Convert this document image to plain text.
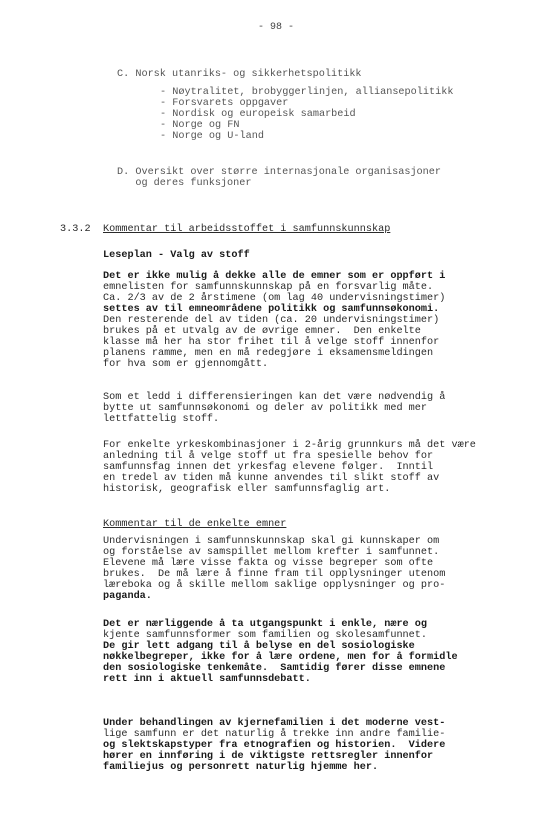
- 98 -
C. Norsk utanriks- og sikkerhetspolitikk
- Nøytralitet, brobyggerlinjen, alliansepolitikk
- Forsvarets oppgaver
- Nordisk og europeisk samarbeid
- Norge og FN
- Norge og U-land
D. Oversikt over større internasjonale organisasjoner
og deres funksjoner
3.3.2 Kommentar til arbeidsstoffet i samfunnskunnskap
Leseplan - Valg av stoff
Det er ikke mulig å dekke alle de emner som er oppført i
emnelisten for samfunnskunnskap på en forsvarlig måte.
Ca. 2/3 av de 2 årstimene (om lag 40 undervisningstimer)
settes av til emneområdene politikk og samfunnsøkonomi.
Den resterende del av tiden (ca. 20 undervisningstimer)
brukes på et utvalg av de øvrige emner.  Den enkelte
klasse må her ha stor frihet til å velge stoff innenfor
planens ramme, men en må redegjøre i eksamensmeldingen
for hva som er gjennomgått.
Som et ledd i differensieringen kan det være nødvendig å
bytte ut samfunnsøkonomi og deler av politikk med mer
lettfattelig stoff.
For enkelte yrkeskombinasjoner i 2-årig grunnkurs må det være
anledning til å velge stoff ut fra spesielle behov for
samfunnsfag innen det yrkesfag elevene følger.  Inntil
en tredel av tiden må kunne anvendes til slikt stoff av
historisk, geografisk eller samfunnsfaglig art.
Kommentar til de enkelte emner
Undervisningen i samfunnskunnskap skal gi kunnskaper om
og forståelse av samspillet mellom krefter i samfunnet.
Elevene må lære visse fakta og visse begreper som ofte
brukes.  De må lære å finne fram til opplysninger utenom
læreboka og å skille mellom saklige opplysninger og pro-
paganda.
Det er nærliggende å ta utgangspunkt i enkle, nære og
kjente samfunnsformer som familien og skolesamfunnet.
De gir lett adgang til å belyse en del sosiologiske
nøkkelbegreper, ikke for å lære ordene, men for å formidle
den sosiologiske tenkemåte.  Samtidig fører disse emnene
rett inn i aktuell samfunnsdebatt.
Under behandlingen av kjernefamilien i det moderne vest-
lige samfunn er det naturlig å trekke inn andre familie-
og slektskapstyper fra etnografien og historien.  Videre
hører en innføring i de viktigste rettsregler innenfor
familiejus og personrett naturlig hjemme her.
